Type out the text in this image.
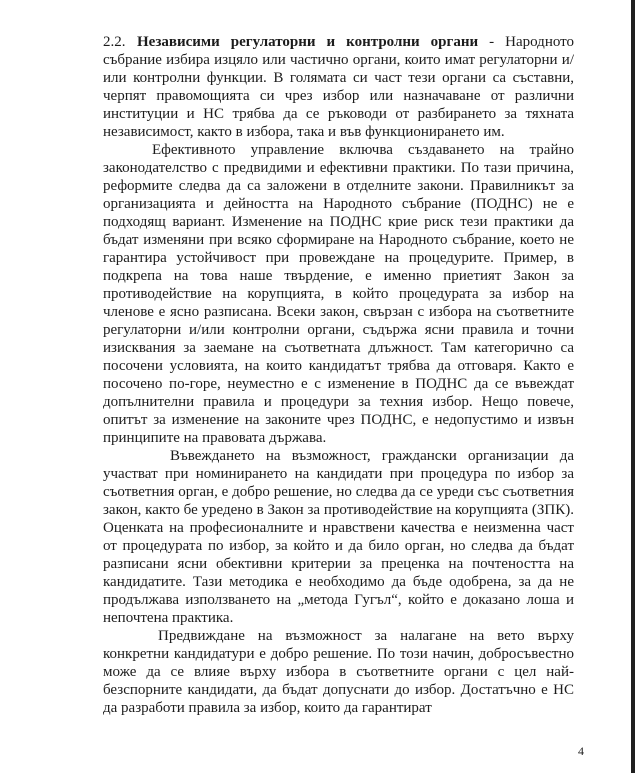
2.2. Независими регулаторни и контролни органи - Народното събрание избира изцяло или частично органи, които имат регулаторни и/или контролни функции. В голямата си част тези органи са съставни, черпят правомощията си чрез избор или назначаване от различни институции и НС трябва да се ръководи от разбирането за тяхната независимост, както в избора, така и във функционирането им.

Ефективното управление включва създаването на трайно законодателство с предвидими и ефективни практики. По тази причина, реформите следва да са заложени в отделните закони. Правилникът за организацията и дейността на Народното събрание (ПОДНС) не е подходящ вариант. Изменение на ПОДНС крие риск тези практики да бъдат изменяни при всяко сформиране на Народното събрание, което не гарантира устойчивост при провеждане на процедурите. Пример, в подкрепа на това наше твърдение, е именно приетият Закон за противодействие на корупцията, в който процедурата за избор на членове е ясно разписана. Всеки закон, свързан с избора на съответните регулаторни и/или контролни органи, съдържа ясни правила и точни изисквания за заемане на съответната длъжност. Там категорично са посочени условията, на които кандидатът трябва да отговаря. Както е посочено по-горе, неуместно е с изменение в ПОДНС да се въвеждат допълнителни правила и процедури за техния избор. Нещо повече, опитът за изменение на законите чрез ПОДНС, е недопустимо и извън принципите на правовата държава.

Въвеждането на възможност, граждански организации да участват при номинирането на кандидати при процедура по избор за съответния орган, е добро решение, но следва да се уреди със съответния закон, както бе уредено в Закон за противодействие на корупцията (ЗПК). Оценката на професионалните и нравствени качества е неизменна част от процедурата по избор, за който и да било орган, но следва да бъдат разписани ясни обективни критерии за преценка на почтеността на кандидатите. Тази методика е необходимо да бъде одобрена, за да не продължава използването на „метода Гугъл“, който е доказано лоша и непочтена практика.

Предвиждане на възможност за налагане на вето върху конкретни кандидатури е добро решение. По този начин, добросъвестно може да се влияе върху избора в съответните органи с цел най-безспорните кандидати, да бъдат допуснати до избор. Достатъчно е НС да разработи правила за избор, които да гарантират

4
